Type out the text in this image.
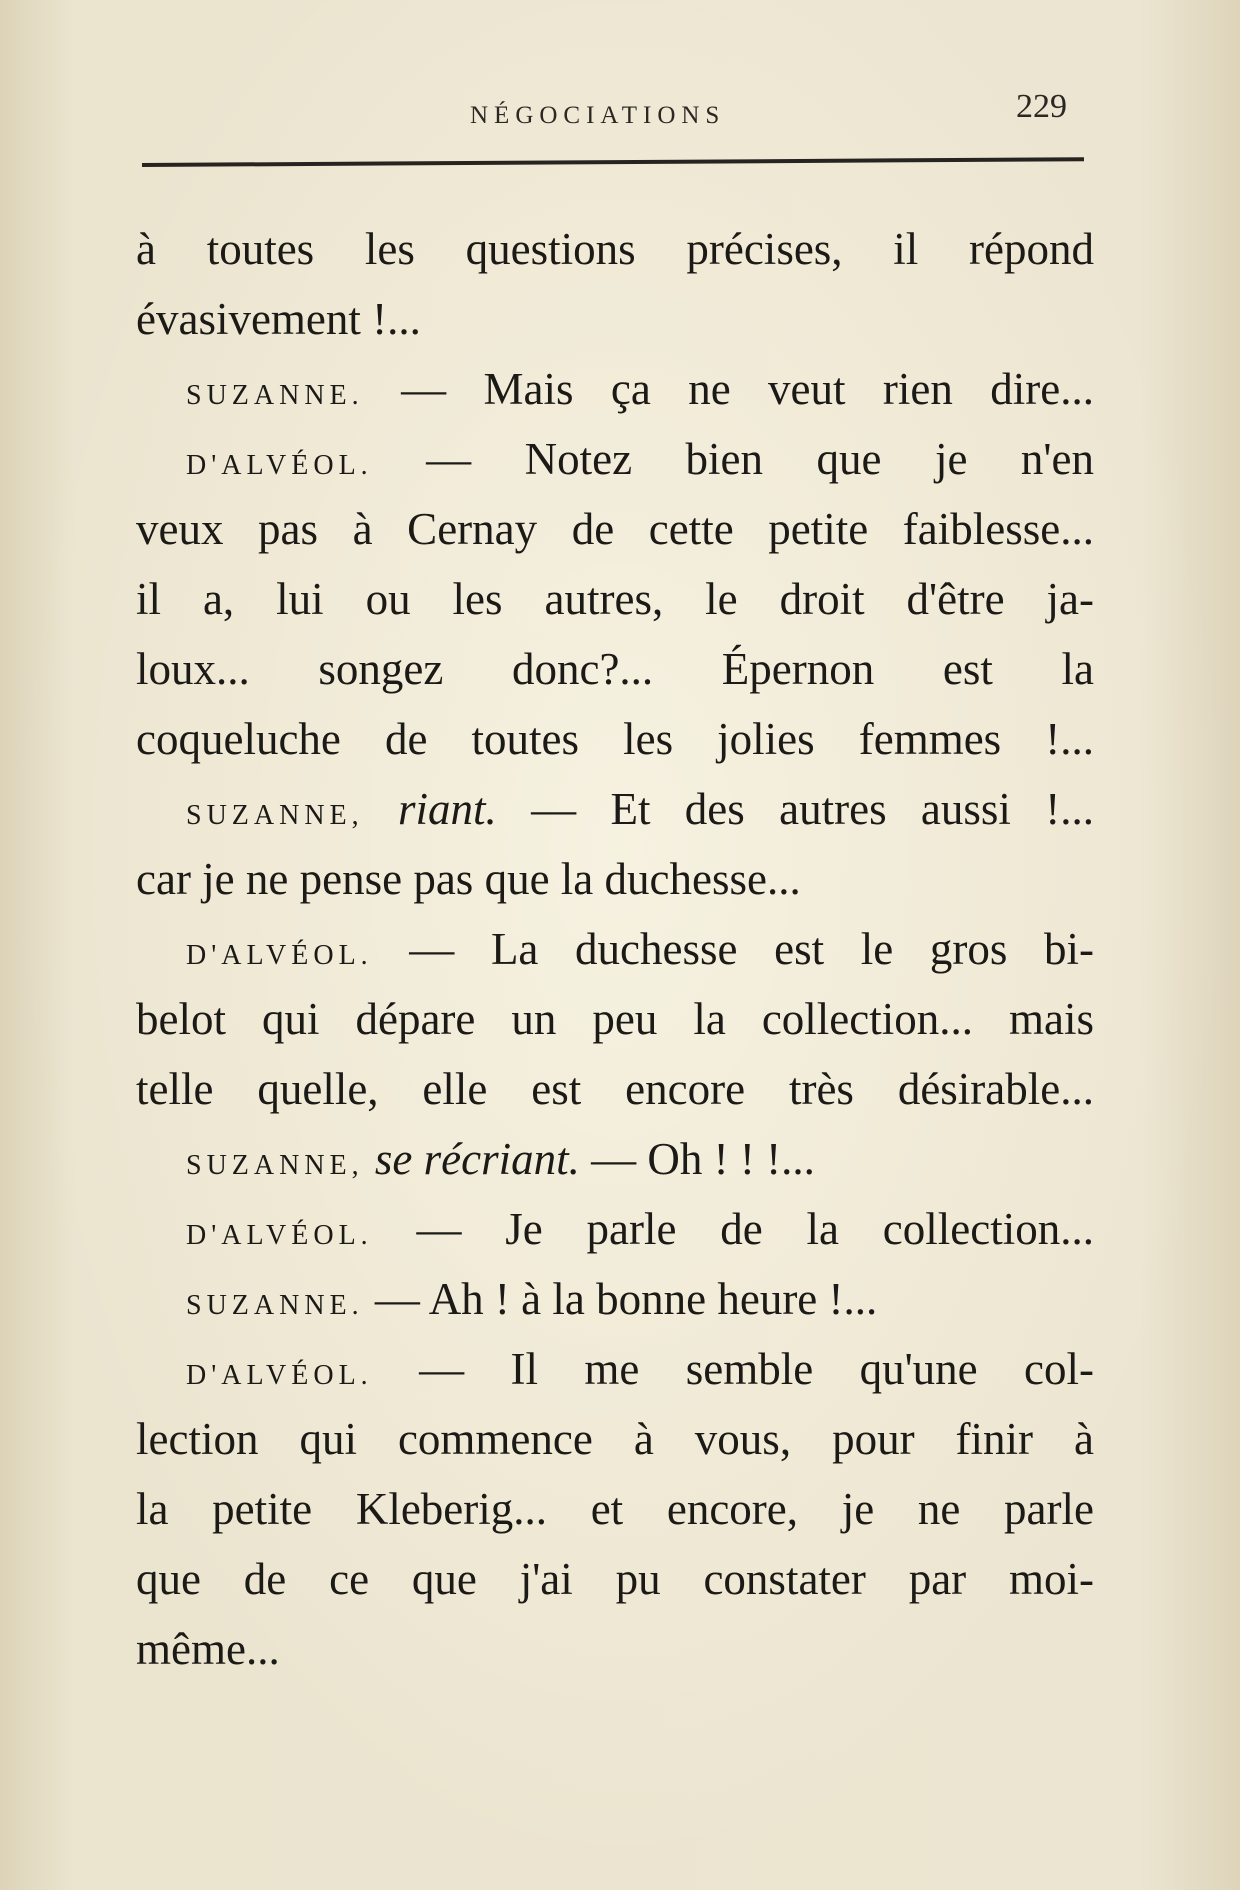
NÉGOCIATIONS	229
à toutes les questions précises, il répond
évasivement !...
SUZANNE. — Mais ça ne veut rien dire...
D'ALVÉOL. — Notez bien que je n'en
veux pas à Cernay de cette petite faiblesse...
il a, lui ou les autres, le droit d'être ja-
loux... songez donc?... Épernon est la
coqueluche de toutes les jolies femmes !...
SUZANNE, riant. — Et des autres aussi !...
car je ne pense pas que la duchesse...
D'ALVÉOL. — La duchesse est le gros bi-
belot qui dépare un peu la collection... mais
telle quelle, elle est encore très désirable...
SUZANNE, se récriant. — Oh ! ! !...
D'ALVÉOL. — Je parle de la collection...
SUZANNE. — Ah ! à la bonne heure !...
D'ALVÉOL. — Il me semble qu'une col-
lection qui commence à vous, pour finir à
la petite Kleberig... et encore, je ne parle
que de ce que j'ai pu constater par moi-
même...
